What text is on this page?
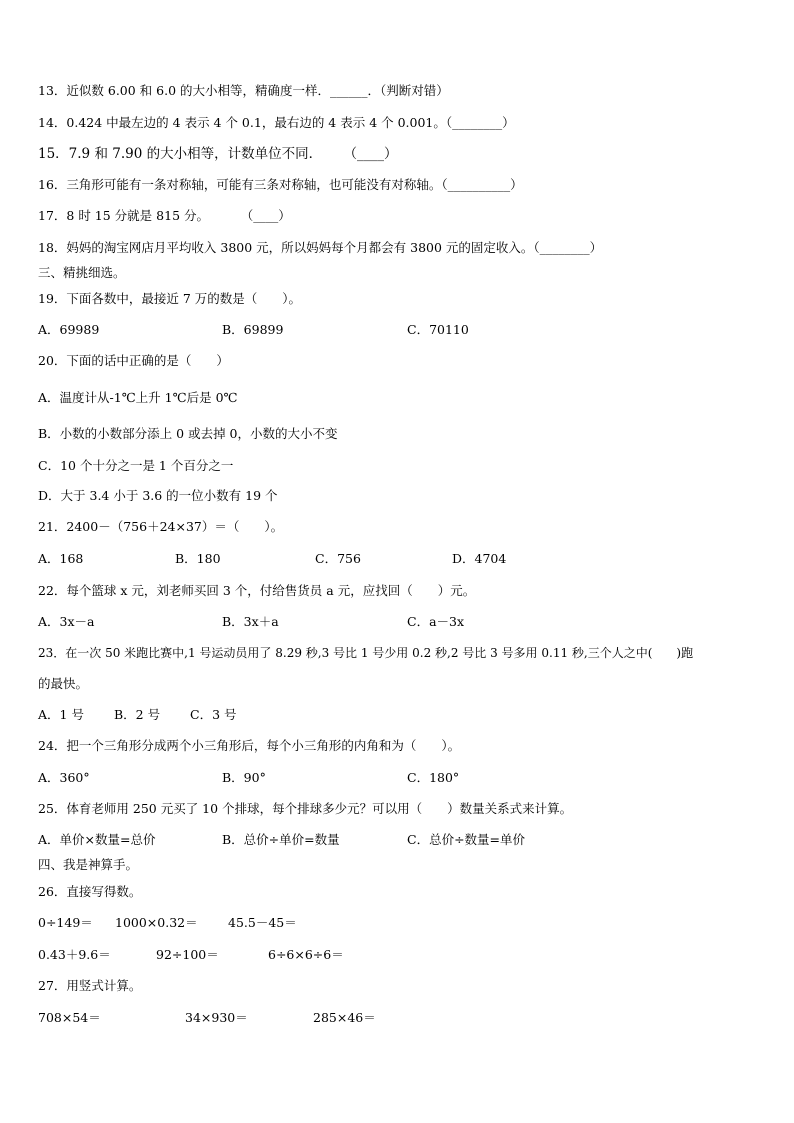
13．近似数 6.00 和 6.0 的大小相等，精确度一样．______．（判断对错）
14．0.424 中最左边的 4 表示 4 个 0.1，最右边的 4 表示 4 个 0.001。（________）
15．7.9 和 7.90 的大小相等，计数单位不同．     （____）
16．三角形可能有一条对称轴，可能有三条对称轴，也可能没有对称轴。（__________）
17．8 时 15 分就是 815 分。        （____）
18．妈妈的淘宝网店月平均收入 3800 元，所以妈妈每个月都会有 3800 元的固定收入。（________）
三、精挑细选。
19．下面各数中，最接近 7 万的数是（　　）。

A．69989

	B．69899

	C．70110

20．下面的话中正确的是（　　）
A．温度计从-1℃上升 1℃后是 0℃
B．小数的小数部分添上 0 或去掉 0，小数的大小不变
C．10 个十分之一是 1 个百分之一
D．大于 3.4 小于 3.6 的一位小数有 19 个
21．2400－（756＋24×37）＝（　　）。

A．168

	B．180

	C．756

	D．4704

22．每个篮球 x 元，刘老师买回 3 个，付给售货员 a 元，应找回（　　）元。

A．3x－a

	B．3x＋a

	C．a－3x

23．在一次 50 米跑比赛中,1 号运动员用了 8.29 秒,3 号比 1 号少用 0.2 秒,2 号比 3 号多用 0.11 秒,三个人之中(　　)跑
的最快。

A．1 号

B．2 号

C．3 号

24．把一个三角形分成两个小三角形后，每个小三角形的内角和为（　　）。

A．360°

	B．90°

	C．180°

25．体育老师用 250 元买了 10 个排球，每个排球多少元？可以用（　　）数量关系式来计算。

A．单价×数量=总价

	B．总价÷单价=数量

	C．总价÷数量=单价

四、我是神算手。
26．直接写得数。

0÷149＝

1000×0.32＝

45.5－45＝

0.43＋9.6＝

	92÷100＝

	6÷6×6÷6＝

27．用竖式计算。

708×54＝

	34×930＝

	285×46＝
